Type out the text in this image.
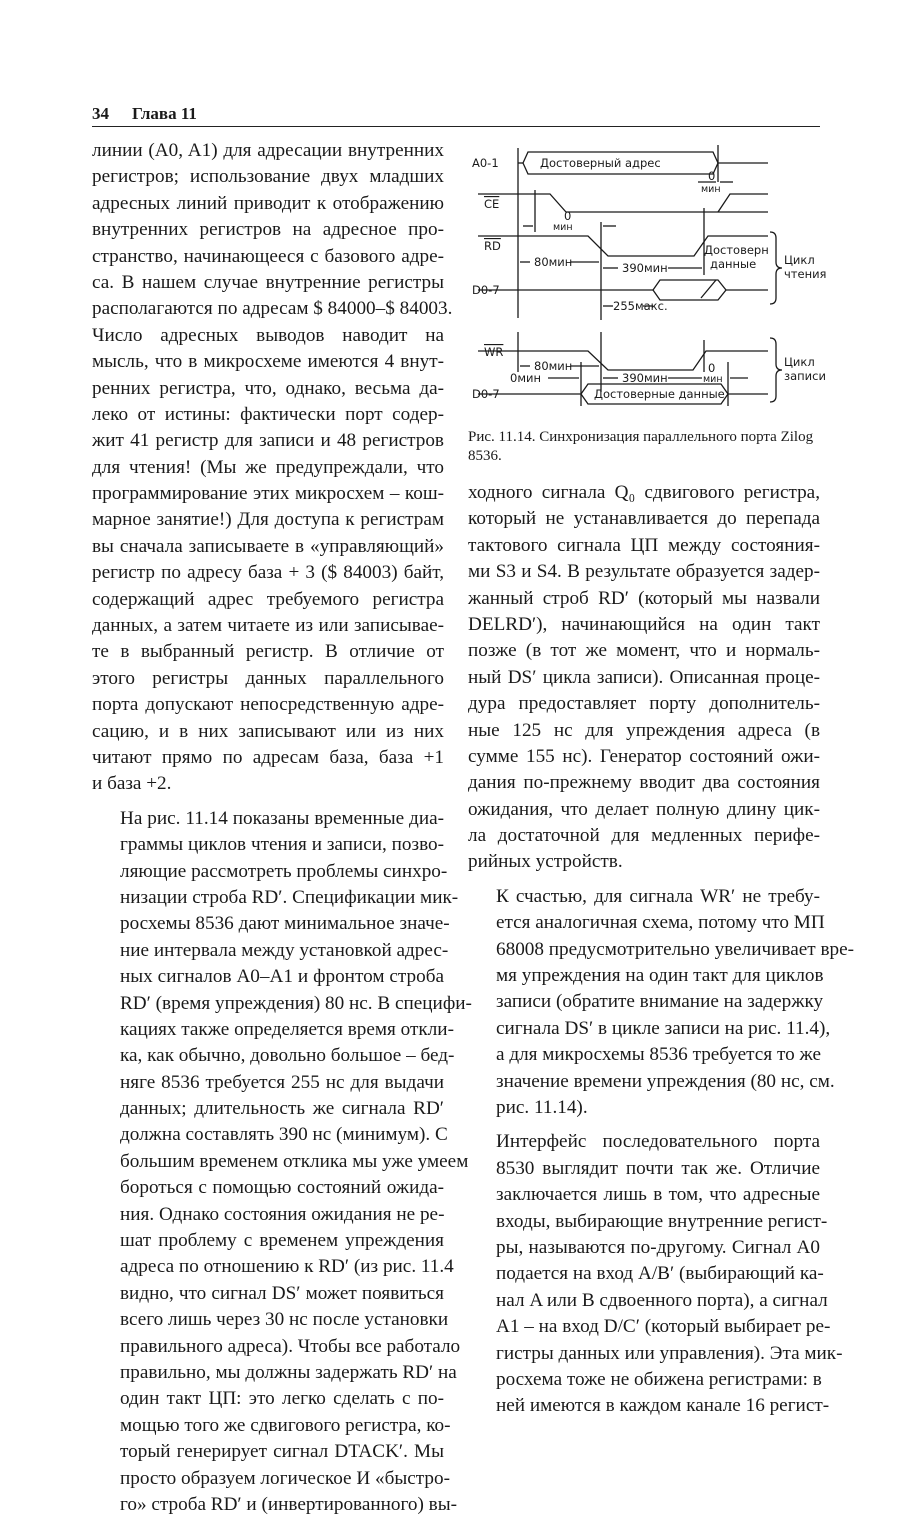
34 Глава 11

линии (A0, A1) для адресации внутренних
регистров; использование двух младших
адресных линий приводит к отображению
внутренних регистров на адресное про-
странство, начинающееся с базового адре-
са. В нашем случае внутренние регистры
располагаются по адресам $ 84000–$ 84003.
Число адресных выводов наводит на
мысль, что в микросхеме имеются 4 внут-
ренних регистра, что, однако, весьма да-
леко от истины: фактически порт содер-
жит 41 регистр для записи и 48 регистров
для чтения! (Мы же предупреждали, что
программирование этих микросхем – кош-
марное занятие!) Для доступа к регистрам
вы сначала записываете в «управляющий»
регистр по адресу база + 3 ($ 84003) байт,
содержащий адрес требуемого регистра
данных, а затем читаете из или записывае-
те в выбранный регистр. В отличие от
этого регистры данных параллельного
порта допускают непосредственную адре-
сацию, и в них записывают или из них
читают прямо по адресам база, база +1
и база +2.

На рис. 11.14 показаны временные диа-
граммы циклов чтения и записи, позво-
ляющие рассмотреть проблемы синхро-
низации строба RD′. Спецификации мик-
росхемы 8536 дают минимальное значе-
ние интервала между установкой адрес-
ных сигналов A0–A1 и фронтом строба
RD′ (время упреждения) 80 нс. В специфи-
кациях также определяется время откли-
ка, как обычно, довольно большое – бед-
няге 8536 требуется 255 нс для выдачи
данных; длительность же сигнала RD′
должна составлять 390 нс (минимум). С
большим временем отклика мы уже умеем
бороться с помощью состояний ожида-
ния. Однако состояния ожидания не ре-
шат проблему с временем упреждения
адреса по отношению к RD′ (из рис. 11.4
видно, что сигнал DS′ может появиться
всего лишь через 30 нс после установки
правильного адреса). Чтобы все работало
правильно, мы должны задержать RD′ на
один такт ЦП: это легко сделать с по-
мощью того же сдвигового регистра, ко-
торый генерирует сигнал DTACK′. Мы
просто образуем логическое И «быстро-
го» строба RD′ и (инвертированного) вы-

A0-1
CE
RD
D0-7
WR
D0-7
Достоверный адрес
Достоверн
данные
Достоверные данные
Цикл
чтения
Цикл
записи
80мин	390мин
255макс.
80мин
390мин
0мин
0
мин
0
мин
0
мин
Рис. 11.14. Синхронизация параллельного порта Zilog 8536.

ходного сигнала Q₀ сдвигового регистра,
который не устанавливается до перепада
тактового сигнала ЦП между состояния-
ми S3 и S4. В результате образуется задер-
жанный строб RD′ (который мы назвали
DELRD′), начинающийся на один такт
позже (в тот же момент, что и нормаль-
ный DS′ цикла записи). Описанная проце-
дура предоставляет порту дополнитель-
ные 125 нс для упреждения адреса (в
сумме 155 нс). Генератор состояний ожи-
дания по-прежнему вводит два состояния
ожидания, что делает полную длину цик-
ла достаточной для медленных перифе-
рийных устройств.

К счастью, для сигнала WR′ не требу-
ется аналогичная схема, потому что МП
68008 предусмотрительно увеличивает вре-
мя упреждения на один такт для циклов
записи (обратите внимание на задержку
сигнала DS′ в цикле записи на рис. 11.4),
а для микросхемы 8536 требуется то же
значение времени упреждения (80 нс, см.
рис. 11.14).

Интерфейс последовательного порта
8530 выглядит почти так же. Отличие
заключается лишь в том, что адресные
входы, выбирающие внутренние регист-
ры, называются по-другому. Сигнал A0
подается на вход A/B′ (выбирающий ка-
нал A или B сдвоенного порта), а сигнал
A1 – на вход D/C′ (который выбирает ре-
гистры данных или управления). Эта мик-
росхема тоже не обижена регистрами: в
ней имеются в каждом канале 16 регист-
